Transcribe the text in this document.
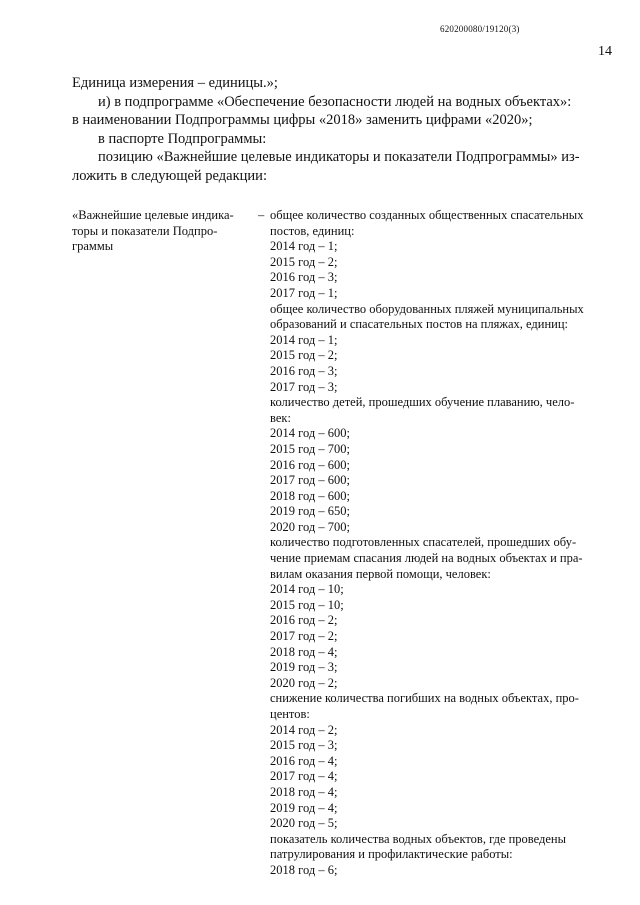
620200080/19120(3)
14

Единица измерения – единицы.»;

и) в подпрограмме «Обеспечение безопасности людей на водных объектах»:

в наименовании Подпрограммы цифры «2018» заменить цифрами «2020»;

в паспорте Подпрограммы:

позицию «Важнейшие целевые индикаторы и показатели Подпрограммы» из-

ложить в следующей редакции:

«Важнейшие целевые индика-
торы и показатели Подпро-
граммы
– общее количество созданных общественных спасательных
постов, единиц:
2014 год – 1;
2015 год – 2;
2016 год – 3;
2017 год – 1;
общее количество оборудованных пляжей муниципальных
образований и спасательных постов на пляжах, единиц:
2014 год – 1;
2015 год – 2;
2016 год – 3;
2017 год – 3;
количество детей, прошедших обучение плаванию, чело-
век:
2014 год – 600;
2015 год – 700;
2016 год – 600;
2017 год – 600;
2018 год – 600;
2019 год – 650;
2020 год – 700;
количество подготовленных спасателей, прошедших обу-
чение приемам спасания людей на водных объектах и пра-
вилам оказания первой помощи, человек:
2014 год – 10;
2015 год – 10;
2016 год – 2;
2017 год – 2;
2018 год – 4;
2019 год – 3;
2020 год – 2;
снижение количества погибших на водных объектах, про-
центов:
2014 год – 2;
2015 год – 3;
2016 год – 4;
2017 год – 4;
2018 год – 4;
2019 год – 4;
2020 год – 5;
показатель количества водных объектов, где проведены
патрулирования и профилактические работы:
2018 год – 6;
